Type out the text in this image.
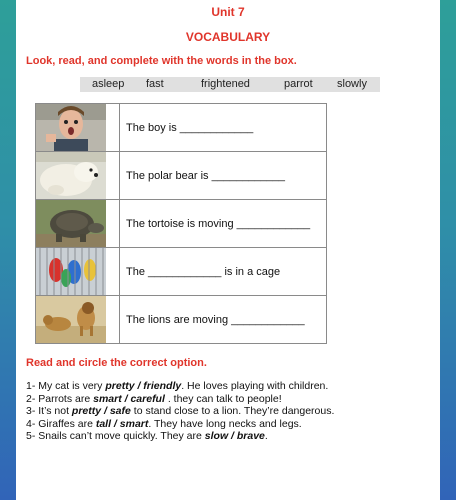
Unit 7
VOCABULARY
Look, read, and complete with the words in the box.
asleep fast	frightened	parrot slowly
	The boy is ____________

	The polar bear is ____________

	The tortoise is moving ____________

	The ____________ is in a cage

	The lions are moving ____________
Read and circle the correct option.
1- My cat is very pretty / friendly. He loves playing with children.
2- Parrots are smart / careful . they can talk to people!
3- It’s not pretty / safe to stand close to a lion. They’re dangerous.
4- Giraffes are tall / smart. They have long necks and legs.
5- Snails can’t move quickly. They are slow / brave.
